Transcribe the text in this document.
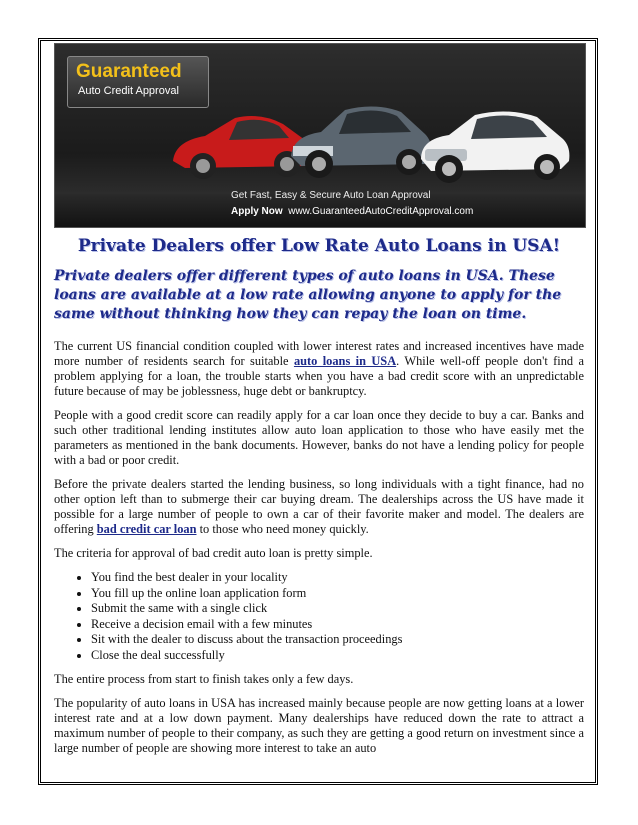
Guaranteed
Auto Credit Approval
Get Fast, Easy & Secure Auto Loan Approval
Apply Now www.GuaranteedAutoCreditApproval.com
Private Dealers offer Low Rate Auto Loans in USA!

Private dealers offer different types of auto loans in USA. These loans are available at a low rate allowing anyone to apply for the same without thinking how they can repay the loan on time.

The current US financial condition coupled with lower interest rates and increased incentives have made more number of residents search for suitable auto loans in USA. While well-off people don't find a problem applying for a loan, the trouble starts when you have a bad credit score with an unpredictable future because of may be joblessness, huge debt or bankruptcy.

People with a good credit score can readily apply for a car loan once they decide to buy a car. Banks and such other traditional lending institutes allow auto loan application to those who have easily met the parameters as mentioned in the bank documents. However, banks do not have a lending policy for people with a bad or poor credit.

Before the private dealers started the lending business, so long individuals with a tight finance, had no other option left than to submerge their car buying dream. The dealerships across the US have made it possible for a large number of people to own a car of their favorite maker and model. The dealers are offering bad credit car loan to those who need money quickly.

The criteria for approval of bad credit auto loan is pretty simple.

• You find the best dealer in your locality
• You fill up the online loan application form
• Submit the same with a single click
• Receive a decision email with a few minutes
• Sit with the dealer to discuss about the transaction proceedings
• Close the deal successfully

The entire process from start to finish takes only a few days.

The popularity of auto loans in USA has increased mainly because people are now getting loans at a lower interest rate and at a low down payment. Many dealerships have reduced down the rate to attract a maximum number of people to their company, as such they are getting a good return on investment since a large number of people are showing more interest to take an auto
